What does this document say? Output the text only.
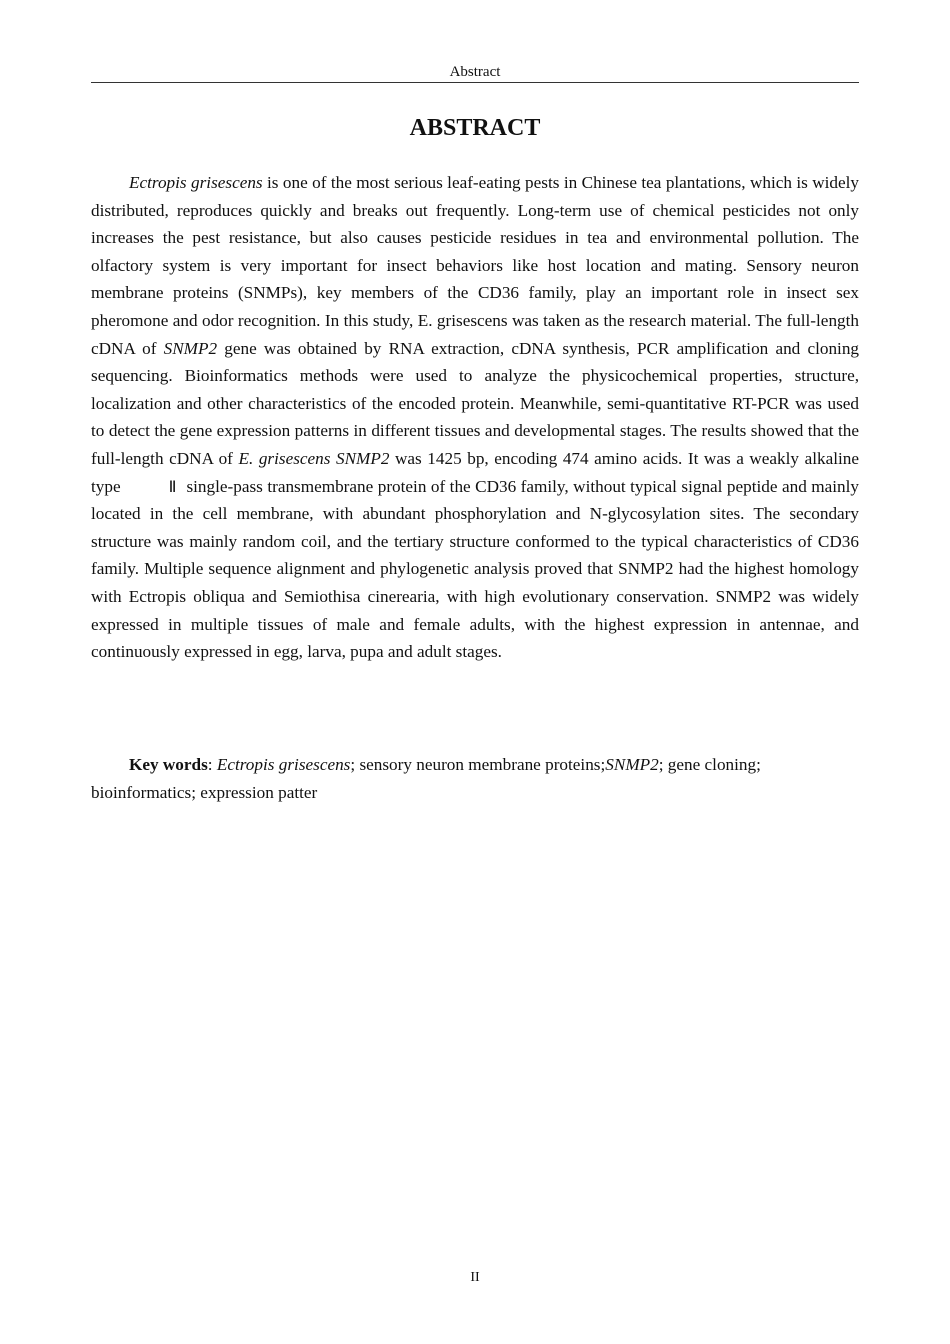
Abstract
ABSTRACT

Ectropis grisescens is one of the most serious leaf-eating pests in Chinese tea plantations, which is widely distributed, reproduces quickly and breaks out frequently. Long-term use of chemical pesticides not only increases the pest resistance, but also causes pesticide residues in tea and environmental pollution. The olfactory system is very important for insect behaviors like host location and mating. Sensory neuron membrane proteins (SNMPs), key members of the CD36 family, play an important role in insect sex pheromone and odor recognition. In this study, E. grisescens was taken as the research material. The full-length cDNA of SNMP2 gene was obtained by RNA extraction, cDNA synthesis, PCR amplification and cloning sequencing. Bioinformatics methods were used to analyze the physicochemical properties, structure, localization and other characteristics of the encoded protein. Meanwhile, semi-quantitative RT-PCR was used to detect the gene expression patterns in different tissues and developmental stages. The results showed that the full-length cDNA of E. grisescens SNMP2 was 1425 bp, encoding 474 amino acids. It was a weakly alkaline type	Ⅱ single-pass transmembrane protein of the CD36 family, without typical signal peptide and mainly located in the cell membrane, with abundant phosphorylation and N-glycosylation sites. The secondary structure was mainly random coil, and the tertiary structure conformed to the typical characteristics of CD36 family. Multiple sequence alignment and phylogenetic analysis proved that SNMP2 had the highest homology with Ectropis obliqua and Semiothisa cinerearia, with high evolutionary conservation. SNMP2 was widely expressed in multiple tissues of male and female adults, with the highest expression in antennae, and continuously expressed in egg, larva, pupa and adult stages.

Key words: Ectropis grisescens; sensory neuron membrane proteins;SNMP2; gene cloning; bioinformatics; expression patter

II
